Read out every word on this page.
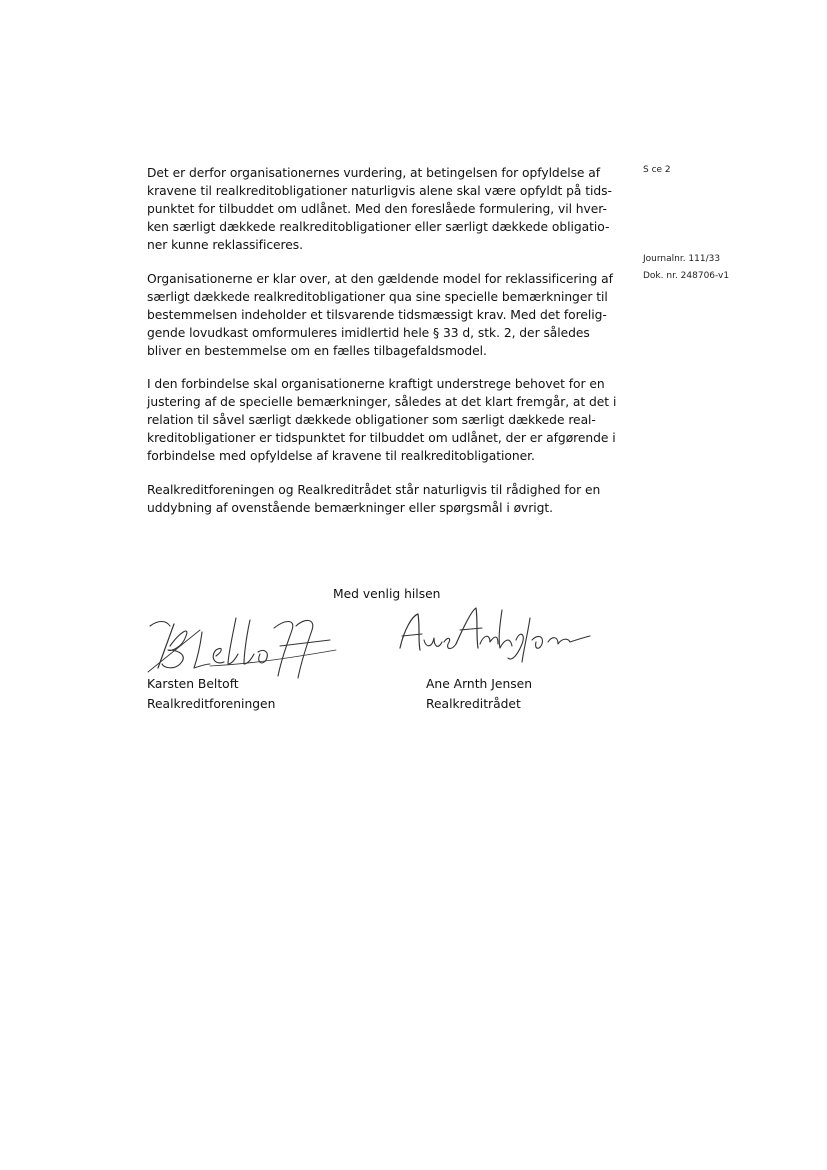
S ce 2
Journalnr. 111/33
Dok. nr. 248706-v1

Det er derfor organisationernes vurdering, at betingelsen for opfyldelse af
kravene til realkreditobligationer naturligvis alene skal være opfyldt på tids-
punktet for tilbuddet om udlånet. Med den foreslåede formulering, vil hver-
ken særligt dækkede realkreditobligationer eller særligt dækkede obligatio-
ner kunne reklassificeres.

Organisationerne er klar over, at den gældende model for reklassificering af
særligt dækkede realkreditobligationer qua sine specielle bemærkninger til
bestemmelsen indeholder et tilsvarende tidsmæssigt krav. Med det forelig-
gende lovudkast omformuleres imidlertid hele § 33 d, stk. 2, der således
bliver en bestemmelse om en fælles tilbagefaldsmodel.

I den forbindelse skal organisationerne kraftigt understrege behovet for en
justering af de specielle bemærkninger, således at det klart fremgår, at det i
relation til såvel særligt dækkede obligationer som særligt dækkede real-
kreditobligationer er tidspunktet for tilbuddet om udlånet, der er afgørende i
forbindelse med opfyldelse af kravene til realkreditobligationer.

Realkreditforeningen og Realkreditrådet står naturligvis til rådighed for en
uddybning af ovenstående bemærkninger eller spørgsmål i øvrigt.

Med venlig hilsen
Karsten Beltoft
Realkreditforeningen
Ane Arnth Jensen
Realkreditrådet
